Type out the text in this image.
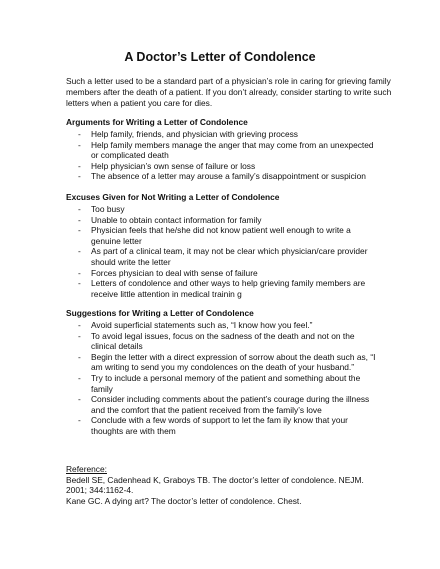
A Doctor’s Letter of Condolence
Such a letter used to be a standard part of a physician’s role in caring for grieving family members after the death of a patient. If you don’t already, consider starting to write such letters when a patient you care for dies.
Arguments for Writing a Letter of Condolence
- Help family, friends, and physician with grieving process
- Help family members manage the anger that may come from an unexpected or complicated death
- Help physician’s own sense of failure or loss
- The absence of a letter may arouse a family’s disappointment or suspicion
Excuses Given for Not Writing a Letter of Condolence
- Too busy
- Unable to obtain contact information for family
- Physician feels that he/she did not know patient well enough to write a genuine letter
- As part of a clinical team, it may not be clear which physician/care provider should write the letter
- Forces physician to deal with sense of failure
- Letters of condolence and other ways to help grieving family members are receive little attention in medical trainin g
Suggestions for Writing a Letter of Condolence
- Avoid superficial statements such as, “I know how you feel.”
- To avoid legal issues, focus on the sadness of the death and not on the clinical details
- Begin the letter with a direct expression of sorrow about the death such as, “I am writing to send you my condolences on the death of your husband.”
- Try to include a personal memory of the patient and something about the family
- Consider including comments about the patient’s courage during the illness and the comfort that the patient received from the family’s love
- Conclude with a few words of support to let the fam ily know that your thoughts are with them
Reference:
Bedell SE, Cadenhead K, Graboys TB. The doctor’s letter of condolence. NEJM. 2001; 344:1162-4.
Kane GC. A dying art? The doctor’s letter of condolence. Chest.
